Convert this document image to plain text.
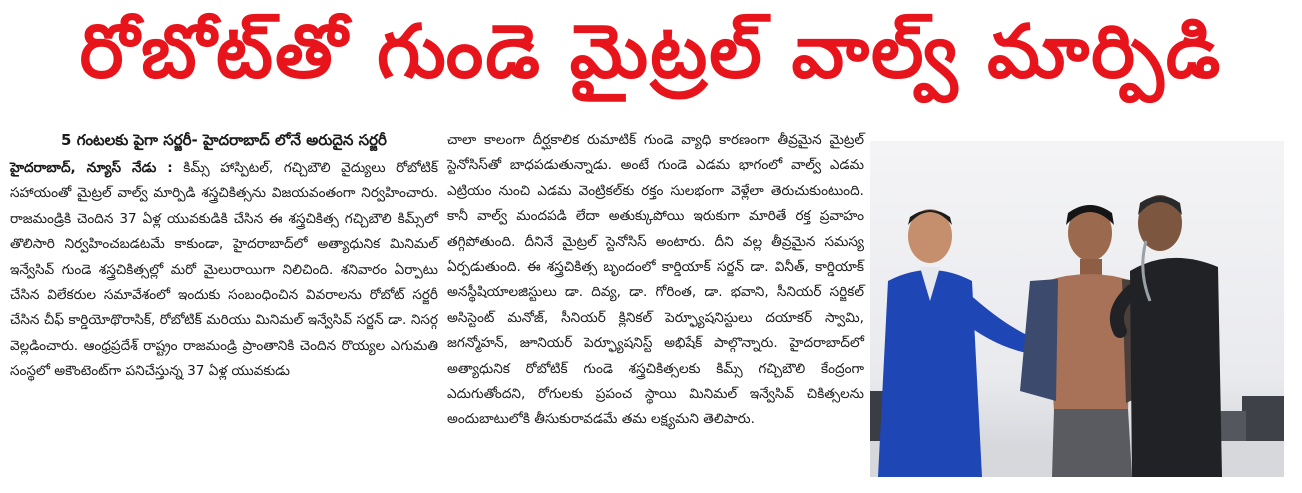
రోబోట్‌తో గుండె మైట్రల్ వాల్వ్ మార్పిడి
5 గంటలకు పైగా సర్జరీ- హైదరాబాద్ లోనే అరుదైన సర్జరీ

హైదరాబాద్, న్యూస్ నేడు : కిమ్స్ హాస్పిటల్, గచ్చిబౌలి వైద్యులు రోబోటిక్ సహాయంతో మైట్రల్ వాల్వ్ మార్పిడి శస్త్రచికిత్సను విజయవంతంగా నిర్వహించారు. రాజమండ్రికి చెందిన 37 ఏళ్ల యువకుడికి చేసిన ఈ శస్త్రచికిత్స గచ్చిబౌలి కిమ్స్‌లో తొలిసారి నిర్వహించబడటమే కాకుండా, హైదరాబాద్‌లో అత్యాధునిక మినిమల్ ఇన్వేసివ్ గుండె శస్త్రచికిత్సల్లో మరో మైలురాయిగా నిలిచింది. శనివారం ఏర్పాటు చేసిన విలేకరుల సమావేశంలో ఇందుకు సంబంధించిన వివరాలను రోబోట్ సర్జరీ చేసిన చీఫ్ కార్డియోథొరాసిక్, రోబోటిక్ మరియు మినిమల్ ఇన్వేసివ్ సర్జన్ డా. నిసర్గ వెల్లడించారు. ఆంధ్రప్రదేశ్ రాష్ట్రం రాజమండ్రి ప్రాంతానికి చెందిన రొయ్యల ఎగుమతి సంస్థలో అకౌంటెంట్‌గా పనిచేస్తున్న 37 ఏళ్ల యువకుడు

చాలా కాలంగా దీర్ఘకాలిక రుమాటిక్ గుండె వ్యాధి కారణంగా తీవ్రమైన మైట్రల్ స్టెనోసిస్‌తో బాధపడుతున్నాడు. అంటే గుండె ఎడమ భాగంలో వాల్వ్ ఎడమ ఎట్రియం నుంచి ఎడమ వెంట్రికల్‌కు రక్తం సులభంగా వెళ్లేలా తెరుచుకుంటుంది. కానీ వాల్వ్ మందపడి లేదా అతుక్కుపోయి ఇరుకుగా మారితే రక్త ప్రవాహం తగ్గిపోతుంది. దీనినే మైట్రల్ స్టెనోసిస్ అంటారు. దీని వల్ల తీవ్రమైన సమస్య ఏర్పడుతుంది. ఈ శస్త్రచికిత్స బృందంలో కార్డియాక్ సర్జన్ డా. వినీత్, కార్డియాక్ అనస్థీషియాలజిస్టులు డా. దివ్య, డా. గోరింత, డా. భవాని, సీనియర్ సర్జికల్ అసిస్టెంట్ మనోజ్, సీనియర్ క్లినికల్ పెర్ఫ్యూషనిస్టులు దయాకర్ స్వామి, జగన్మోహన్, జూనియర్ పెర్ఫ్యూషనిస్ట్ అభిషేక్ పాల్గొన్నారు. హైదరాబాద్‌లో అత్యాధునిక రోబోటిక్ గుండె శస్త్రచికిత్సలకు కిమ్స్ గచ్చిబౌలి కేంద్రంగా ఎదుగుతోందని, రోగులకు ప్రపంచ స్థాయి మినిమల్ ఇన్వేసివ్ చికిత్సలను అందుబాటులోకి తీసుకురావడమే తమ లక్ష్యమని తెలిపారు.
